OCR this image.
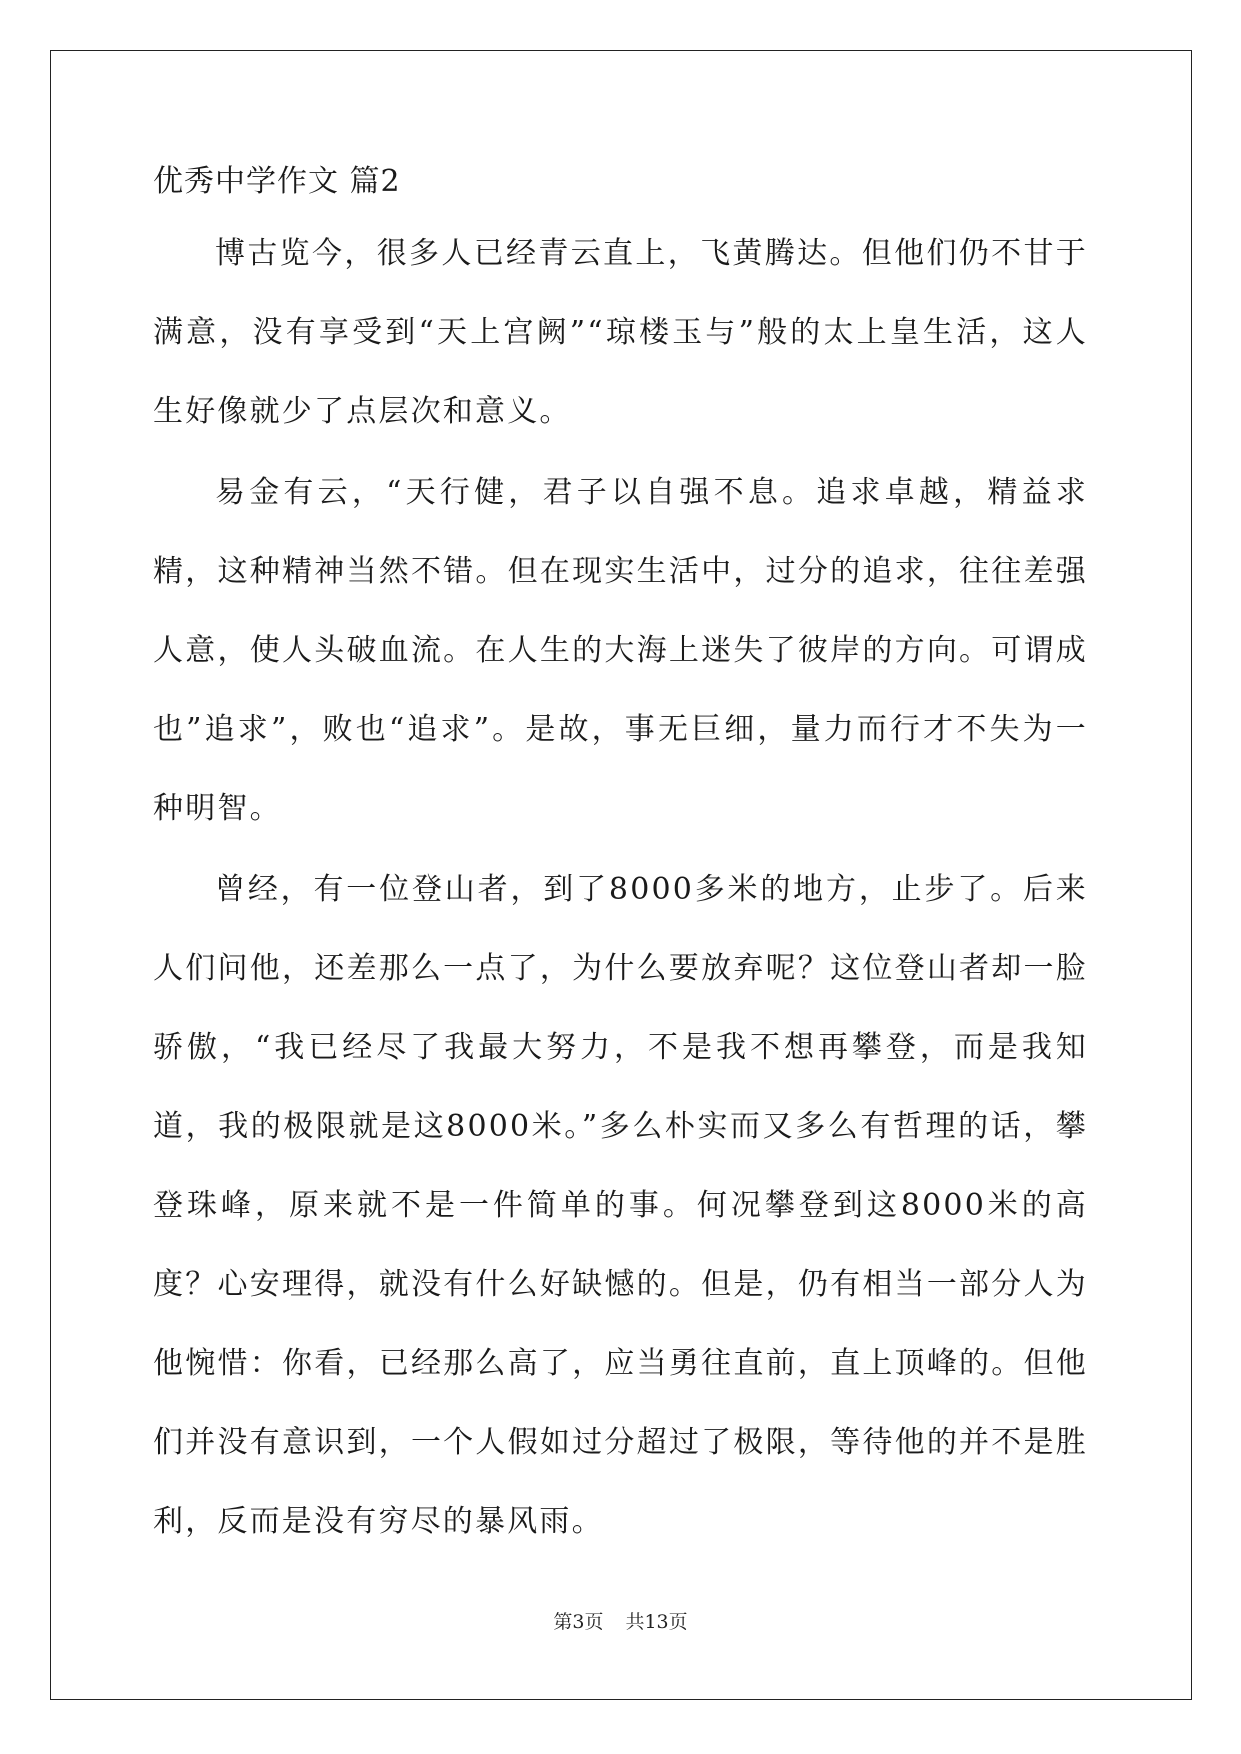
优秀中学作文 篇2

博古览今，很多人已经青云直上，飞黄腾达。但他们仍不甘于满意，没有享受到“天上宫阙”“琼楼玉与”般的太上皇生活，这人生好像就少了点层次和意义。

易金有云，“天行健，君子以自强不息。追求卓越，精益求精，这种精神当然不错。但在现实生活中，过分的追求，往往差强人意，使人头破血流。在人生的大海上迷失了彼岸的方向。可谓成也”追求”，败也“追求”。是故，事无巨细，量力而行才不失为一种明智。

曾经，有一位登山者，到了8000多米的地方，止步了。后来人们问他，还差那么一点了，为什么要放弃呢？这位登山者却一脸骄傲，“我已经尽了我最大努力，不是我不想再攀登，而是我知道，我的极限就是这8000米。”多么朴实而又多么有哲理的话，攀登珠峰，原来就不是一件简单的事。何况攀登到这8000米的高度？心安理得，就没有什么好缺憾的。但是，仍有相当一部分人为他惋惜：你看，已经那么高了，应当勇往直前，直上顶峰的。但他们并没有意识到，一个人假如过分超过了极限，等待他的并不是胜利，反而是没有穷尽的暴风雨。

第3页 共13页
